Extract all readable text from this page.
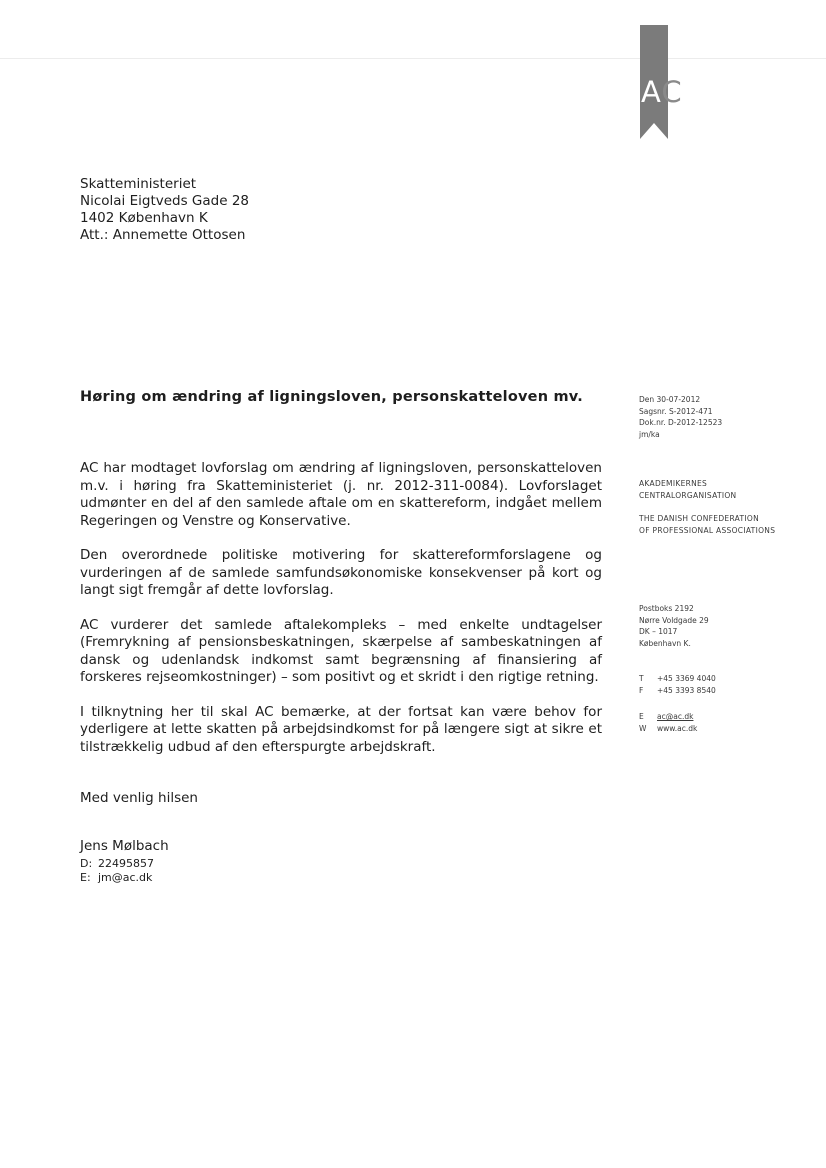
AC
Skatteministeriet
Nicolai Eigtveds Gade 28
1402 København K
Att.: Annemette Ottosen
Høring om ændring af ligningsloven, personskatteloven mv.

AC har modtaget lovforslag om ændring af ligningsloven, personskatteloven m.v. i høring fra Skatteministeriet (j. nr. 2012-311-0084). Lovforslaget udmønter en del af den samlede aftale om en skattereform, indgået mellem Regeringen og Venstre og Konservative.

Den overordnede politiske motivering for skattereformforslagene og vurderingen af de samlede samfundsøkonomiske konsekvenser på kort og langt sigt fremgår af dette lovforslag.

AC vurderer det samlede aftalekompleks – med enkelte undtagelser (Fremrykning af pensionsbeskatningen, skærpelse af sambeskatningen af dansk og udenlandsk indkomst samt begrænsning af finansiering af forskeres rejseomkostninger) – som positivt og et skridt i den rigtige retning.

I tilknytning her til skal AC bemærke, at der fortsat kan være behov for yderligere at lette skatten på arbejdsindkomst for på længere sigt at sikre et tilstrækkelig udbud af den efterspurgte arbejdskraft.

Med venlig hilsen
Jens Mølbach
D: 22495857
E: jm@ac.dk
Den 30-07-2012
Sagsnr. S-2012-471
Dok.nr. D-2012-12523
jm/ka
AKADEMIKERNES
CENTRALORGANISATION
THE DANISH CONFEDERATION
OF PROFESSIONAL ASSOCIATIONS
Postboks 2192
Nørre Voldgade 29
DK – 1017
København K.
T +45 3369 4040
F +45 3393 8540
E ac@ac.dk
W www.ac.dk
